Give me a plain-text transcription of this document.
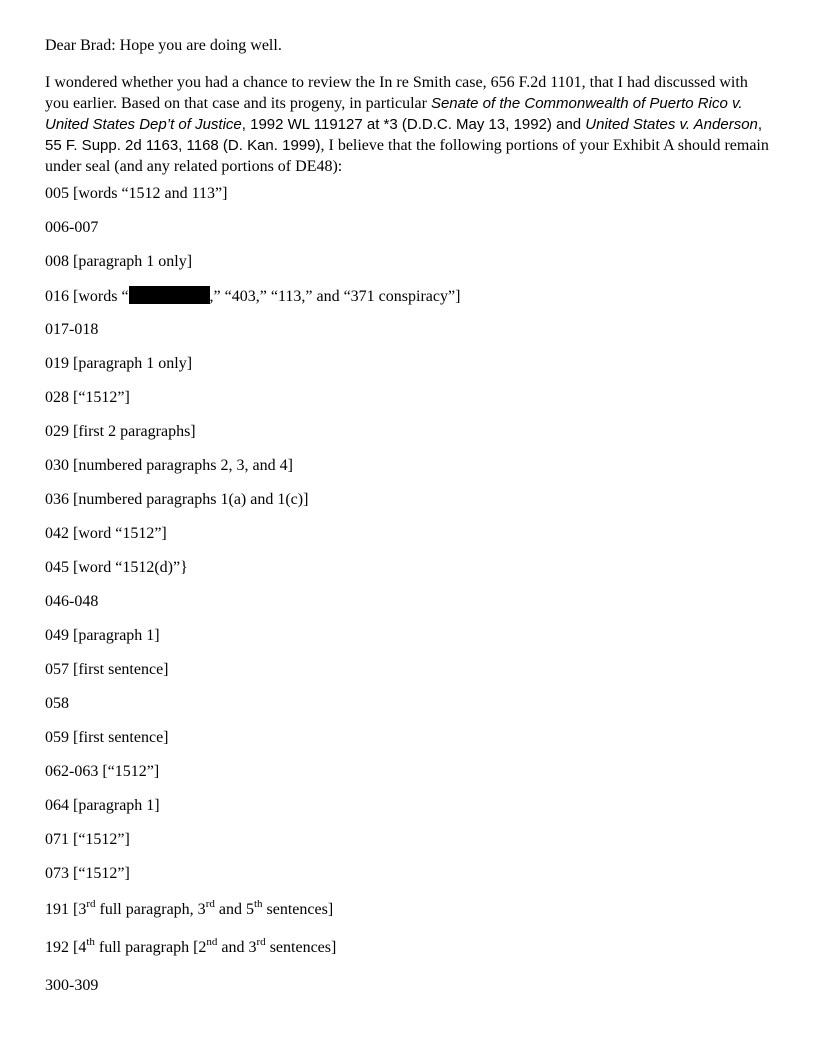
Dear Brad: Hope you are doing well.

I wondered whether you had a chance to review the In re Smith case, 656 F.2d 1101, that I had discussed with you earlier. Based on that case and its progeny, in particular Senate of the Commonwealth of Puerto Rico v. United States Dep’t of Justice, 1992 WL 119127 at *3 (D.D.C. May 13, 1992) and United States v. Anderson, 55 F. Supp. 2d 1163, 1168 (D. Kan. 1999), I believe that the following portions of your Exhibit A should remain under seal (and any related portions of DE48):

005 [words “1512 and 113”]
006-007
008 [paragraph 1 only]
016 [words “	,” “403,” “113,” and “371 conspiracy”]
017-018
019 [paragraph 1 only]
028 [“1512”]
029 [first 2 paragraphs]
030 [numbered paragraphs 2, 3, and 4]
036 [numbered paragraphs 1(a) and 1(c)]
042 [word “1512”]
045 [word “1512(d)”}
046-048
049 [paragraph 1]
057 [first sentence]
058
059 [first sentence]
062-063 [“1512”]
064 [paragraph 1]
071 [“1512”]
073 [“1512”]
191 [3rd full paragraph, 3rd and 5th sentences]
192 [4th full paragraph [2nd and 3rd sentences]
300-309
